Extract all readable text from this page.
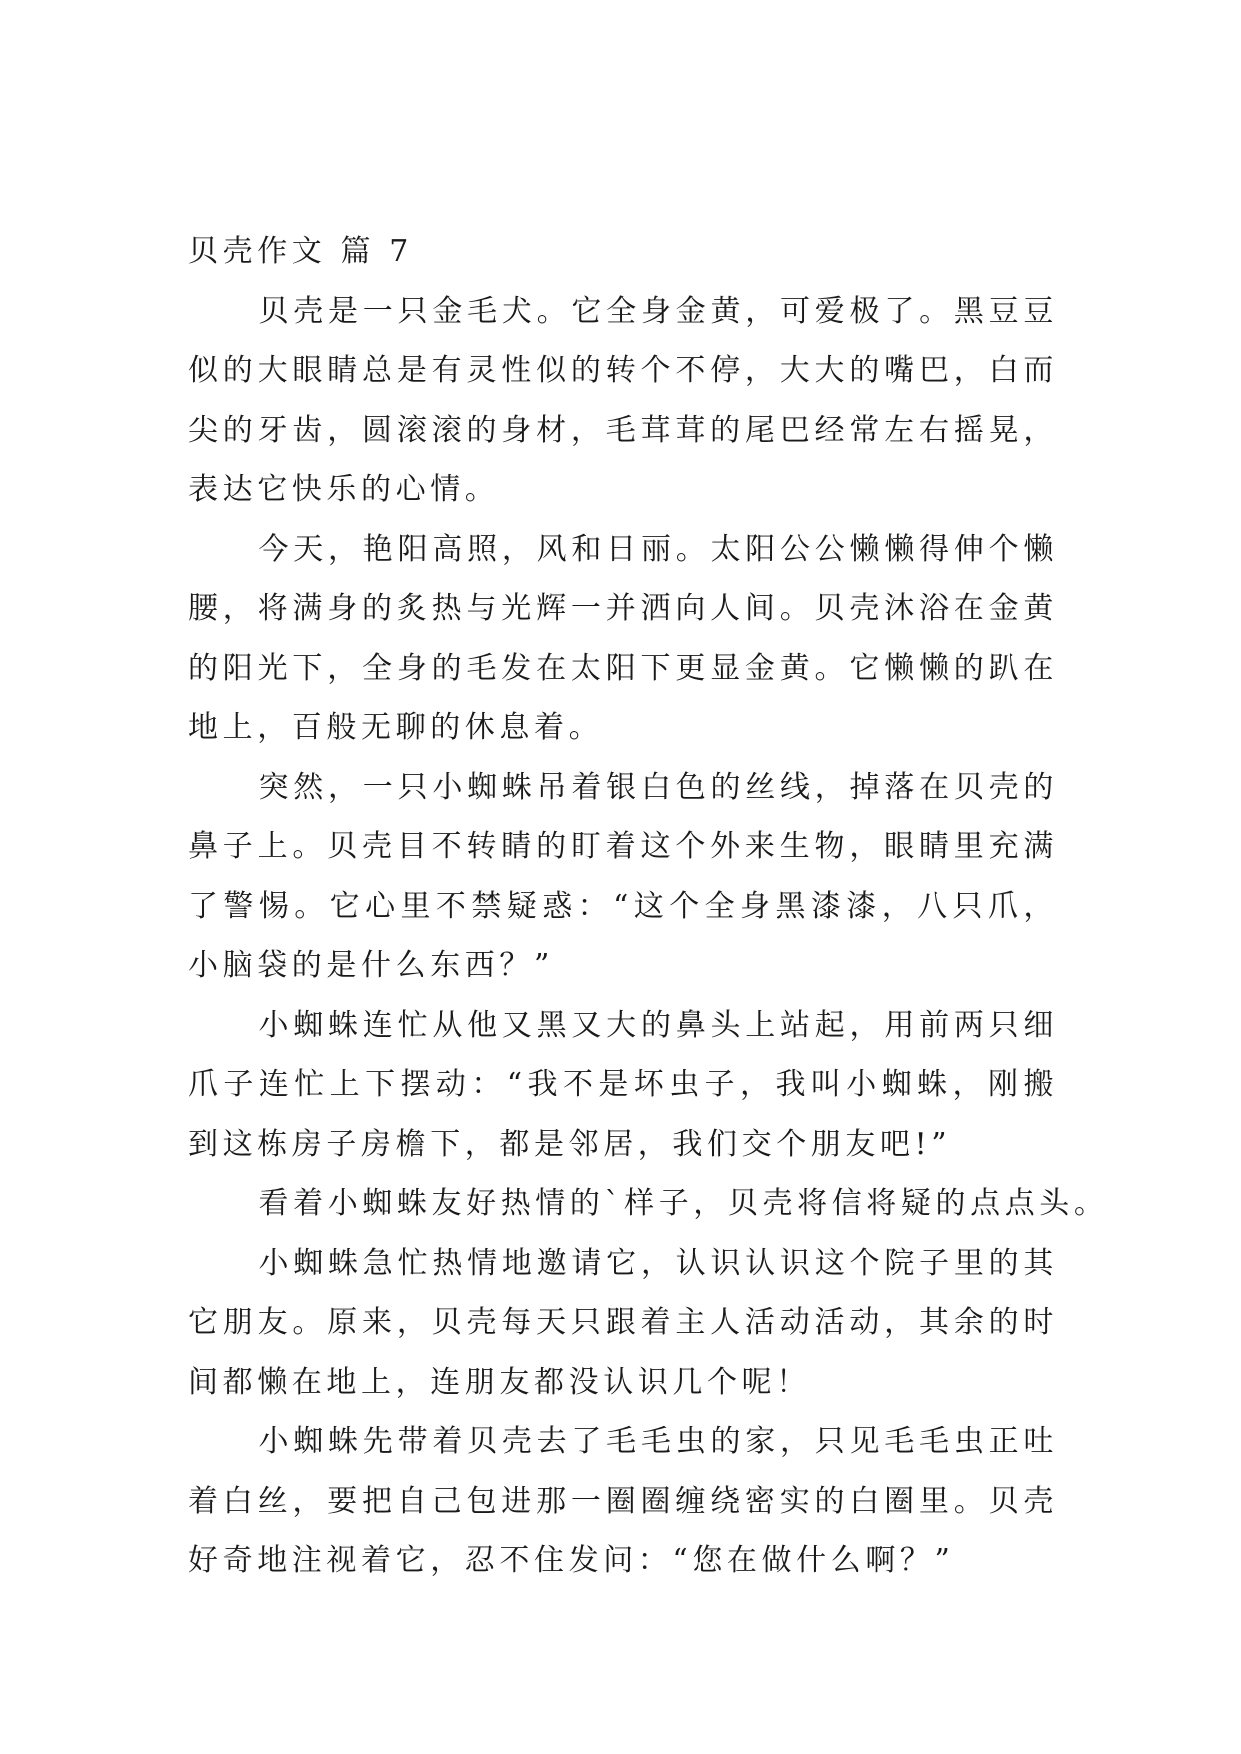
贝壳作文 篇 7

贝壳是一只金毛犬。它全身金黄，可爱极了。黑豆豆似的大眼睛总是有灵性似的转个不停，大大的嘴巴，白而尖的牙齿，圆滚滚的身材，毛茸茸的尾巴经常左右摇晃，表达它快乐的心情。

今天，艳阳高照，风和日丽。太阳公公懒懒得伸个懒腰，将满身的炙热与光辉一并洒向人间。贝壳沐浴在金黄的阳光下，全身的毛发在太阳下更显金黄。它懒懒的趴在地上，百般无聊的休息着。

突然，一只小蜘蛛吊着银白色的丝线，掉落在贝壳的鼻子上。贝壳目不转睛的盯着这个外来生物，眼睛里充满了警惕。它心里不禁疑惑：“这个全身黑漆漆，八只爪，小脑袋的是什么东西？”

小蜘蛛连忙从他又黑又大的鼻头上站起，用前两只细爪子连忙上下摆动：“我不是坏虫子，我叫小蜘蛛，刚搬到这栋房子房檐下，都是邻居，我们交个朋友吧!”

看着小蜘蛛友好热情的`样子，贝壳将信将疑的点点头。

小蜘蛛急忙热情地邀请它，认识认识这个院子里的其它朋友。原来，贝壳每天只跟着主人活动活动，其余的时间都懒在地上，连朋友都没认识几个呢！

小蜘蛛先带着贝壳去了毛毛虫的家，只见毛毛虫正吐着白丝，要把自己包进那一圈圈缠绕密实的白圈里。贝壳好奇地注视着它，忍不住发问：“您在做什么啊？”
